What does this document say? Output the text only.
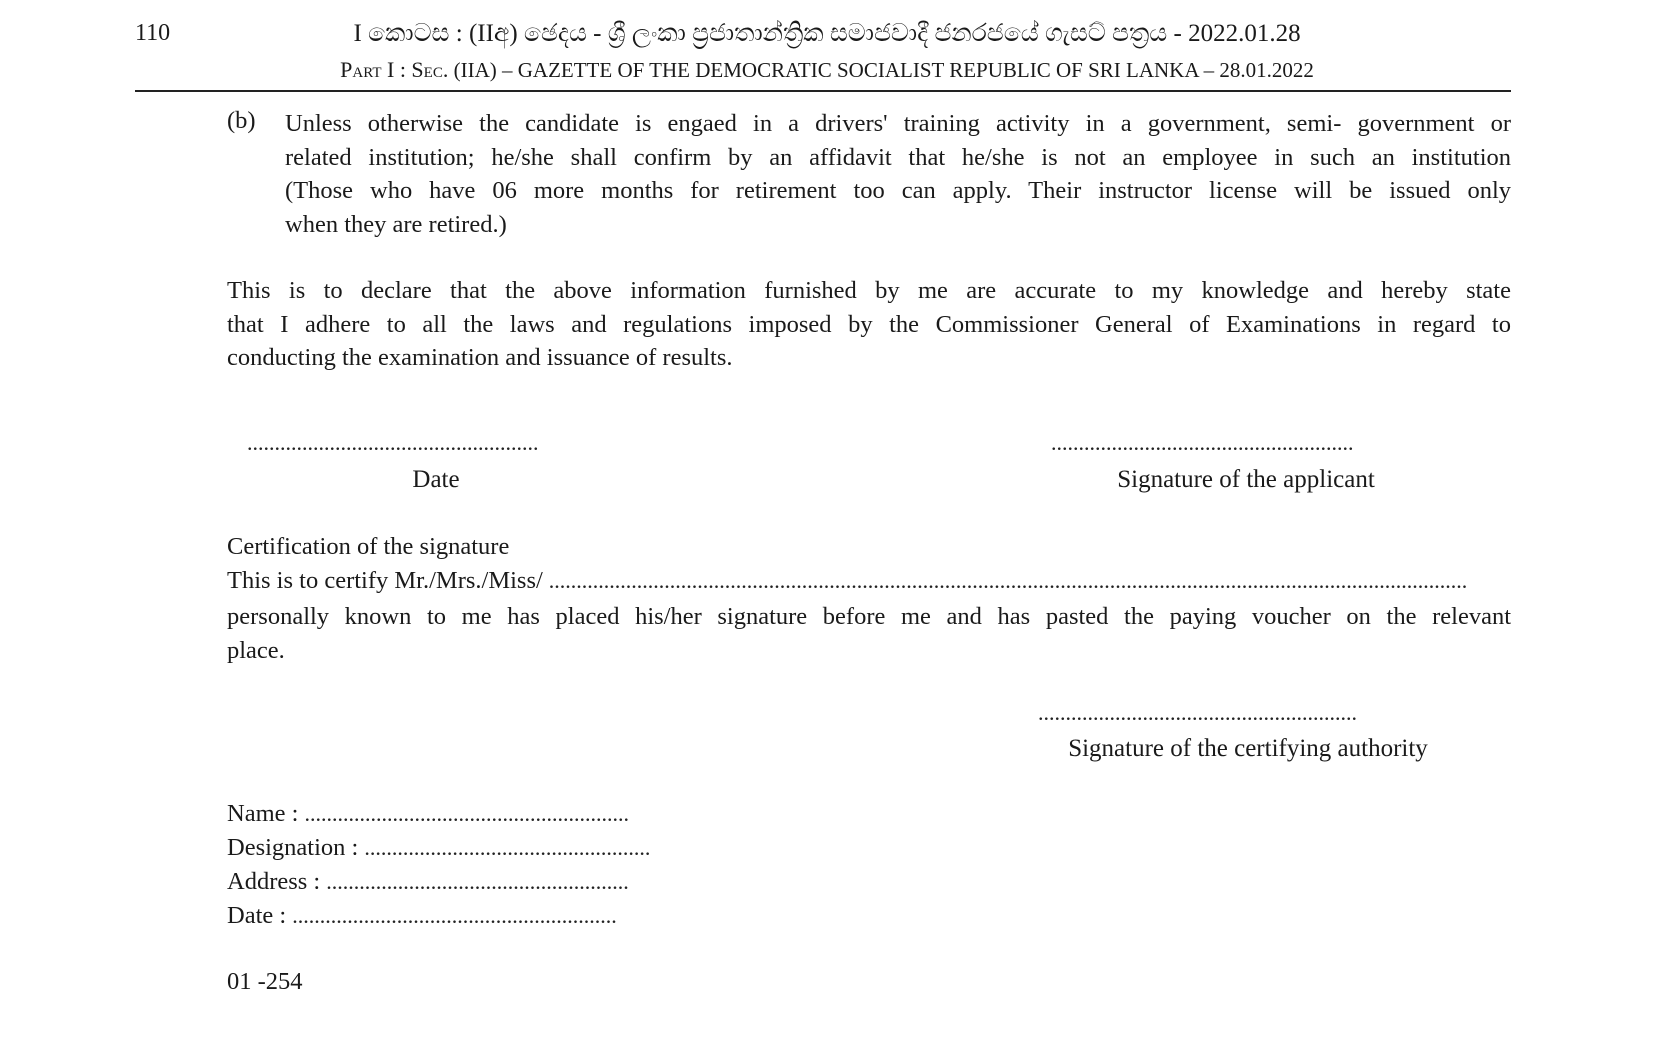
110	I කොටස : (IIඅ) ඡෙදය - ශ්‍රී ලංකා ප්‍රජාතාන්ත්‍රික සමාජවාදී ජනරජයේ ගැසට් පත්‍රය - 2022.01.28
Part I : Sec. (IIA) – GAZETTE OF THE DEMOCRATIC SOCIALIST REPUBLIC OF SRI LANKA – 28.01.2022
(b) Unless otherwise the candidate is engaed in a drivers' training activity in a government, semi- government or
related institution; he/she shall confirm by an affidavit that he/she is not an employee in such an institution
(Those who have 06 more months for retirement too can apply. Their instructor license will be issued only
when they are retired.)
This is to declare that the above information furnished by me are accurate to my knowledge and hereby state
that I adhere to all the laws and regulations imposed by the Commissioner General of Examinations in regard to
conducting the examination and issuance of results.
.....................................................	.......................................................
Date	Signature of the applicant
Certification of the signature
This is to certify Mr./Mrs./Miss/ .......................................................................................................................................................................
personally known to me has placed his/her signature before me and has pasted the paying voucher on the relevant
place.
..........................................................
Signature of the certifying authority
Name : ...........................................................
Designation : ....................................................
Address : .......................................................
Date : ...........................................................
01 -254
